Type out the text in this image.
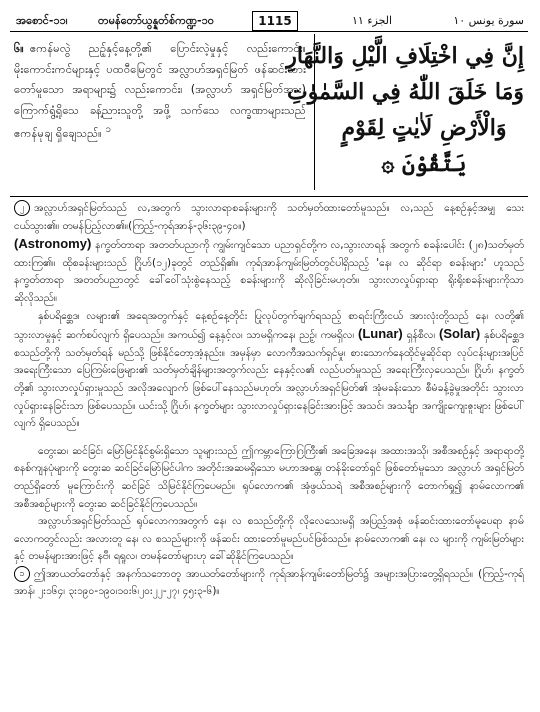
အစောင်-၁၁၊	တမန်တော်ယွန္နတ်စ်ကဏ္ဍ-၁၀	1115	الجزء ١١	سورة يونس ١٠
၆။ ဧကန်မလွဲ ညဉ့်နှင့်နေ့တို့၏ ပြောင်းလဲ့မှုနှင့် လည်းကောင်း။ မိုးကောင်းကင်များနှင့် ပထဝီမြေတွင် အလ္လာဟ်အရှင်မြတ် ဖန်ဆင်းထားတော်မူသော အရာများ၌ လည်းကောင်း၊ (အလ္လာဟ် အရှင်မြတ်အား) ကြောက်ရွံ့ရိုသေ ခန့်ညားသူတို့ အဖို့ သက်သေ လက္ခဏာများသည် ဧကန်မုချ ရှိချေသည်။ $^၁$
إِنَّ فِي اخْتِلَافِ الَّيْلِ وَالنَّهَارِ
وَمَا خَلَقَ اللّٰهُ فِي السَّمٰوٰتِ
وَالْأَرْضِ لَاٰيٰتٍ لِقَوْمٍ
يَتَّقُوْنَ ۞

၂ အလ္လာဟ်အရှင်မြတ်သည် လ,အတွက် သွားလာရာစခန်းများကို သတ်မှတ်ထားတော်မူသည်။ လ,သည် နေ့စဉ်နှင့်အမျှ သေးငယ်သွား၏။ တမန်ပြည့်လာ၏။(ကြည့်-ကုရ်အာန်-၃၆း၃၉-၄၀။)

(Astronomy) နက္ခတ်တာရာ အတတ်ပညာကို ကျွမ်းကျင်သော ပညာရှင်တို့က လ,သွားလာရန် အတွက် စခန်းပေါင်း (၂၈)သတ်မှတ်ထားကြ၏။ ထိုစခန်းများသည် ဂြိုဟ်(၁၂)ခုတွင် တည်ရှိ၏။ ကုရ်အာန်ကျမ်းမြတ်တွင်ပါရှိသည့် 'နေ၊ လ ဆိုင်ရာ စခန်းများ' ဟူသည် နက္ခတ်တာရာ အတတ်ပညာတွင် ခေါ်ဝေါ်သုံးစွဲနေသည့် စခန်းများကို ဆိုလိုခြင်းမဟုတ်။ သွားလာလှုပ်ရှားရာ ရိုးရိုးစခန်းများကိုသာ ဆိုလိုသည်။

နှစ်ပရိစ္ဆေဒ၊ လများ၏ အရေအတွက်နှင့် နေ့စဉ်နေ့တိုင်း ပြုလုပ်တွက်ချက်ရသည့် စာရင်းကြီးငယ် အားလုံးတို့သည် နေ၊ လတို့၏ သွားလာမှုနှင့် ဆက်စပ်လျက် ရှိပေသည်။ အကယ်၍ နေ့နှင့်လ၊ သာမရှိကနေ၊ ညဉ့်၊ ကမရှိလ၊ (Lunar) ရှန်စီလ၊ (Solar) နှစ်ပရိစ္ဆေဒ စသည်တို့ကို သတ်မှတ်ရန် မည်သို့ ဖြစ်နိုင်တော့အံ့နည်း။ အမှန်မှာ လောကီအသက်ရှင်မှု၊ စားသောက်နေထိုင်မှုဆိုင်ရာ လုပ်ငန်းများအပြင် အရေးကြီးသော ပြေကြမ်းဖြေများ၏ သတ်မှတ်ချိန်များအတွက်လည်း နေနှင့်လ၏ လည်ပတ်မှုသည် အရေးကြီးလှပေသည်။ ဂြိုဟ်၊ နက္ခတ်တို့၏ သွားလာလှုပ်ရှားမှုသည် အလိုအလျောက် ဖြစ်ပေါ်နေသည်မဟုတ်၊ အလ္လာဟ်အရှင်မြတ်၏ အုံမခန်းသော စီမံခန့်ခွဲမှုအတိုင်း သွားလာလှုပ်ရှားနေခြင်းသာ ဖြစ်ပေသည်။ ယင်းသို့ ဂြိုဟ်၊ နက္ခတ်များ သွားလာလှုပ်ရှားနေခြင်းအားဖြင့် အသင်၊ အသင်္ချာ အကျိုးကျေးဇူးများ ဖြစ်ပေါ်လျက် ရှိပေသည်။

တွေးဆ၊ ဆင်ခြင်၊ မြော်မြင်နိုင်စွမ်းရှိသော သူများသည် ဤကမ္ဘာကြောဂြကြီး၏ အခြေအနေ၊ အထားအသို၊ အစီအစဉ်နှင့် အရာရာတို့ စနစ်ကျနပုံများကို တွေးဆ ဆင်ခြင်မြော်မြင်ပါက အတိုင်းအဆမရှိသော မဟာအစန္တ၊ တန်ခိုးတော်ရှင် ဖြစ်တော်မူသော အလ္လာဟ် အရှင်မြတ် တည်ရှိတော် မူကြောင်းကို ဆင်ခြင် သိမြင်နိုင်ကြပေမည်။ ရုပ်လောက၏ အုံဖွယ်သရဲ အစီအစဉ်များကို တောက်ရှု၍ နာမ်လောက၏ အစီအစဉ်များကို တွေးဆ ဆင်ခြင်နိုင်ကြပေသည်။

အလ္လာဟ်အရှင်မြတ်သည် ရုပ်လောကအတွက် နေ၊ လ စသည်တို့ကို လိုလေသေးမရှိ အပြည့်အစုံ ဖန်ဆင်းထားတော်မူပေရာ နာမ်လောကတွင်လည်း အလားတူ နေ၊ လ စသည်များကို ဖန်ဆင်း ထားတော်မူမည်ပင်ဖြစ်သည်။ နာမ်လောက၏ နေ၊ လ များကို ကျမ်းမြတ်များနှင့် တမန်များအားဖြင့် နဗီ၊ ရရူလ၊ တမန်တော်များဟု ခေါ်ဆိုနိုင်ကြပေသည်။

၁ ဤအာယတ်တော်နှင့် အနက်သဘောတူ အာယတ်တော်များကို ကုရ်အာန်ကျမ်းတော်မြတ်၌ အများအပြားတွေ့ရှိရသည်။ (ကြည့်-ကုရ်အာန်၊ ၂း၁၆၄၊ ၃း၁၉၀-၁၉၀၊၁၀း၆၊၂၀း၂၂-၂၇၊ ၄၅း၃-၆)။
